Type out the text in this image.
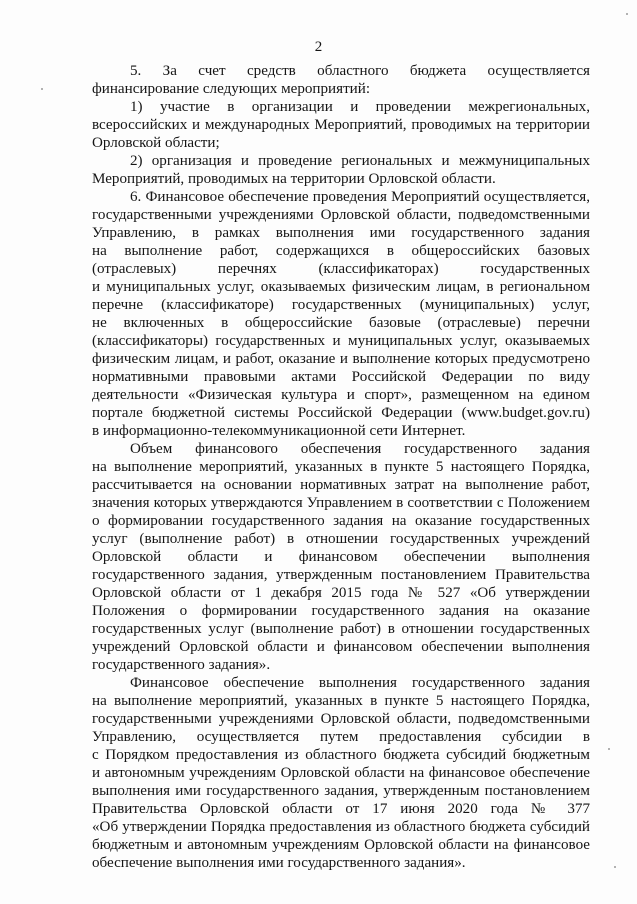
2
5. За счет средств областного бюджета осуществляется
финансирование следующих мероприятий:
1) участие в организации и проведении межрегиональных,
всероссийских и международных Мероприятий, проводимых на территории
Орловской области;
2) организация и проведение региональных и межмуниципальных
Мероприятий, проводимых на территории Орловской области.
6. Финансовое обеспечение проведения Мероприятий осуществляется,
государственными учреждениями Орловской области, подведомственными
Управлению, в рамках выполнения ими государственного задания
на выполнение работ, содержащихся в общероссийских базовых
(отраслевых) перечнях (классификаторах) государственных
и муниципальных услуг, оказываемых физическим лицам, в региональном
перечне (классификаторе) государственных (муниципальных) услуг,
не включенных в общероссийские базовые (отраслевые) перечни
(классификаторы) государственных и муниципальных услуг, оказываемых
физическим лицам, и работ, оказание и выполнение которых предусмотрено
нормативными правовыми актами Российской Федерации по виду
деятельности «Физическая культура и спорт», размещенном на едином
портале бюджетной системы Российской Федерации (www.budget.gov.ru)
в информационно-телекоммуникационной сети Интернет.
Объем финансового обеспечения государственного задания
на выполнение мероприятий, указанных в пункте 5 настоящего Порядка,
рассчитывается на основании нормативных затрат на выполнение работ,
значения которых утверждаются Управлением в соответствии с Положением
о формировании государственного задания на оказание государственных
услуг (выполнение работ) в отношении государственных учреждений
Орловской области и финансовом обеспечении выполнения
государственного задания, утвержденным постановлением Правительства
Орловской области от 1 декабря 2015 года № 527 «Об утверждении
Положения о формировании государственного задания на оказание
государственных услуг (выполнение работ) в отношении государственных
учреждений Орловской области и финансовом обеспечении выполнения
государственного задания».
Финансовое обеспечение выполнения государственного задания
на выполнение мероприятий, указанных в пункте 5 настоящего Порядка,
государственными учреждениями Орловской области, подведомственными
Управлению, осуществляется путем предоставления субсидии в
с Порядком предоставления из областного бюджета субсидий бюджетным
и автономным учреждениям Орловской области на финансовое обеспечение
выполнения ими государственного задания, утвержденным постановлением
Правительства Орловской области от 17 июня 2020 года № 377
«Об утверждении Порядка предоставления из областного бюджета субсидий
бюджетным и автономным учреждениям Орловской области на финансовое
обеспечение выполнения ими государственного задания».
